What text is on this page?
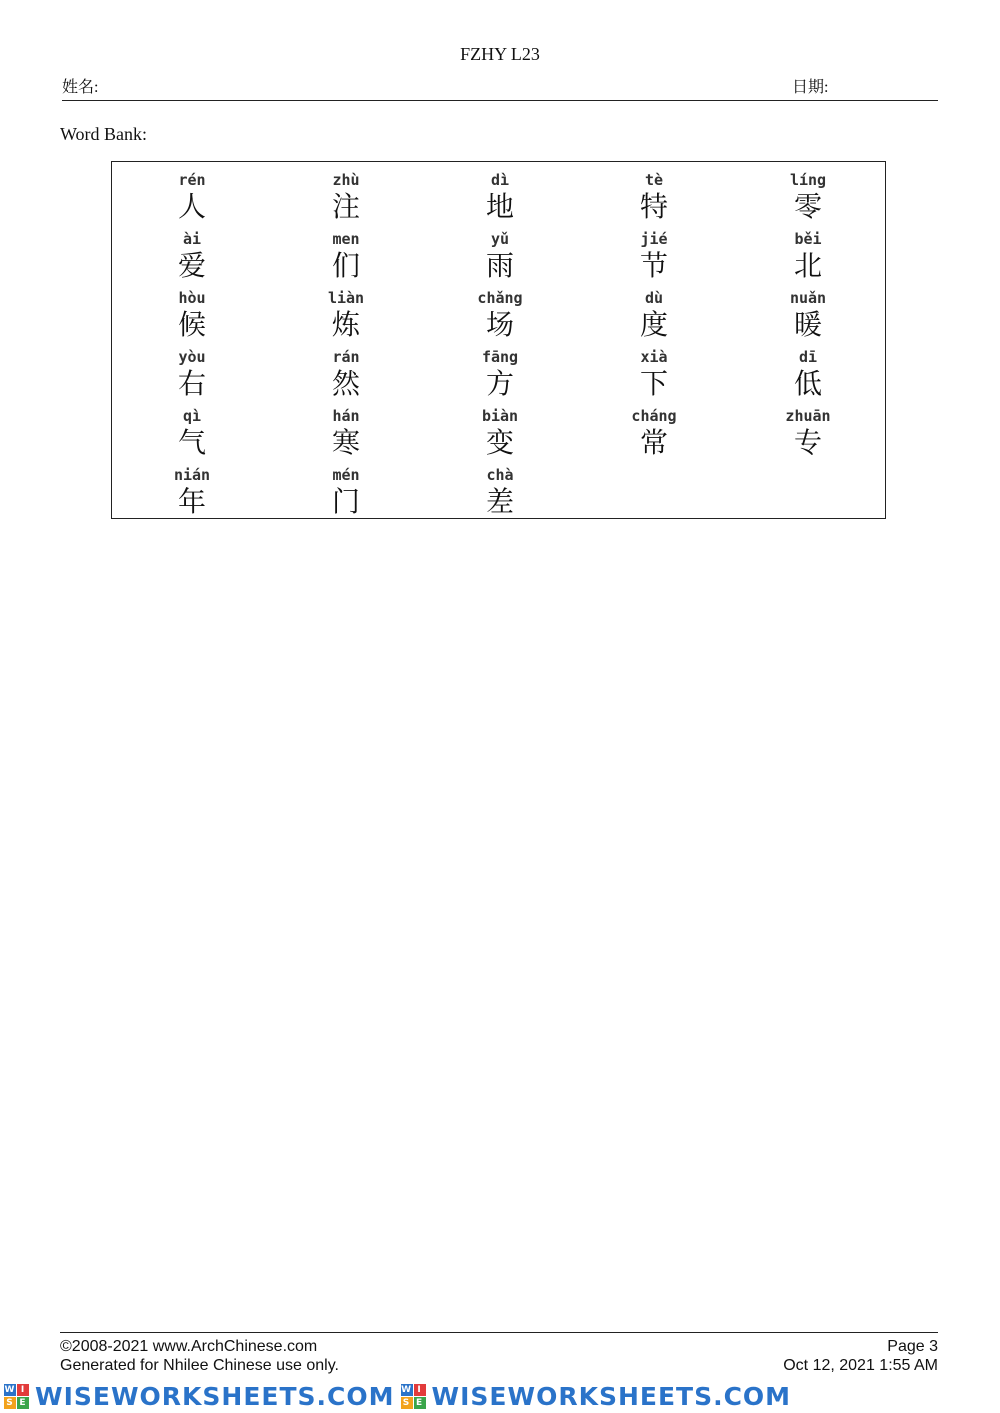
FZHY L23
姓名:	日期:
Word Bank:
rén
人
zhù
注
dì
地
tè
特
líng
零
ài
爱
men
们
yǔ
雨
jié
节
běi
北
hòu
候
liàn
炼
chǎng
场
dù
度
nuǎn
暖
yòu
右
rán
然
fāng
方
xià
下
dī
低
qì
气
hán
寒
biàn
变
cháng
常
zhuān
专
nián
年
mén
门
chà
差
©2008-2021 www.ArchChinese.com
Generated for Nhilee Chinese use only.
Page 3
Oct 12, 2021 1:55 AM
W I
S E WISEWORKSHEETS.COM W I
S E WISEWORKSHEETS.COM
